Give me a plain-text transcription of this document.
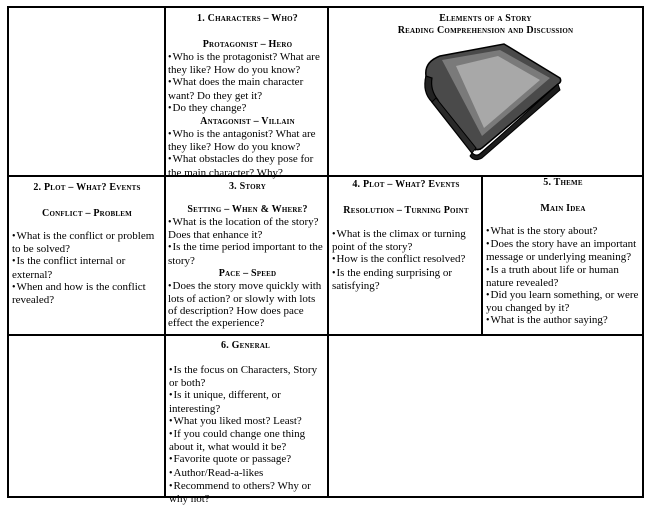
1. Characters – Who?
Protagonist – Hero
• Who is the protagonist? What are they like? How do you know?
• What does the main character want? Do they get it?
• Do they change?
Antagonist – Villain
• Who is the antagonist? What are they like? How do you know?
• What obstacles do they pose for the main character? Why?
Elements of a Story
Reading Comprehension and Discussion
2. Plot – What? Events
Conflict – Problem
• What is the conflict or problem to be solved?
• Is the conflict internal or external?
• When and how is the conflict revealed?
3. Story
Setting – When & Where?
• What is the location of the story? Does that enhance it?
• Is the time period important to the story?
Pace – Speed
• Does the story move quickly with lots of action? or slowly with lots of description? How does pace effect the experience?
4. Plot – What? Events
Resolution – Turning Point
• What is the climax or turning point of the story?
• How is the conflict resolved?
• Is the ending surprising or satisfying?
5. Theme
Main Idea
• What is the story about?
• Does the story have an important message or underlying meaning?
• Is a truth about life or human nature revealed?
• Did you learn something, or were you changed by it?
• What is the author saying?
6. General
• Is the focus on Characters, Story or both?
• Is it unique, different, or interesting?
• What you liked most? Least?
• If you could change one thing about it, what would it be?
• Favorite quote or passage?
• Author/Read-a-likes
• Recommend to others? Why or why not?
